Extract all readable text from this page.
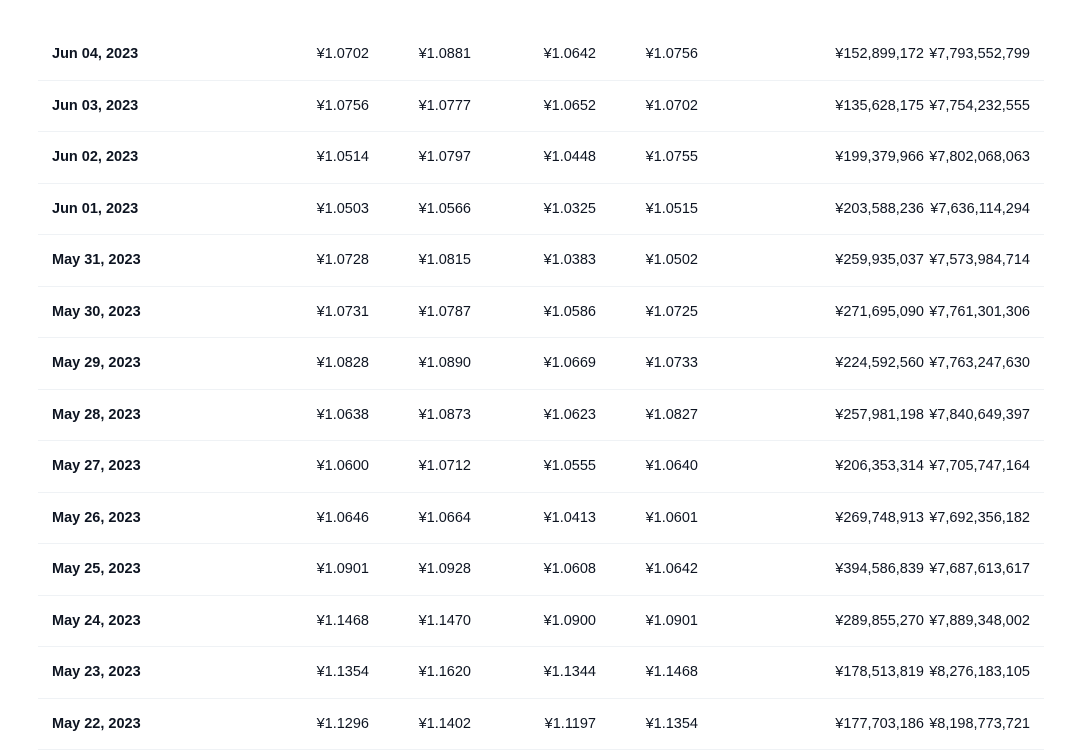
Jun 04, 2023	¥1.0702	¥1.0881	¥1.0642	¥1.0756	¥152,899,172 ¥7,793,552,799
Jun 03, 2023	¥1.0756	¥1.0777	¥1.0652	¥1.0702	¥135,628,175 ¥7,754,232,555
Jun 02, 2023	¥1.0514	¥1.0797	¥1.0448	¥1.0755	¥199,379,966 ¥7,802,068,063
Jun 01, 2023	¥1.0503	¥1.0566	¥1.0325	¥1.0515	¥203,588,236 ¥7,636,114,294
May 31, 2023	¥1.0728	¥1.0815	¥1.0383	¥1.0502	¥259,935,037 ¥7,573,984,714
May 30, 2023	¥1.0731	¥1.0787	¥1.0586	¥1.0725	¥271,695,090 ¥7,761,301,306
May 29, 2023	¥1.0828	¥1.0890	¥1.0669	¥1.0733	¥224,592,560 ¥7,763,247,630
May 28, 2023	¥1.0638	¥1.0873	¥1.0623	¥1.0827	¥257,981,198 ¥7,840,649,397
May 27, 2023	¥1.0600	¥1.0712	¥1.0555	¥1.0640	¥206,353,314 ¥7,705,747,164
May 26, 2023	¥1.0646	¥1.0664	¥1.0413	¥1.0601	¥269,748,913 ¥7,692,356,182
May 25, 2023	¥1.0901	¥1.0928	¥1.0608	¥1.0642	¥394,586,839 ¥7,687,613,617
May 24, 2023	¥1.1468	¥1.1470	¥1.0900	¥1.0901	¥289,855,270 ¥7,889,348,002
May 23, 2023	¥1.1354	¥1.1620	¥1.1344	¥1.1468	¥178,513,819 ¥8,276,183,105
May 22, 2023	¥1.1296	¥1.1402	¥1.1197	¥1.1354	¥177,703,186 ¥8,198,773,721
